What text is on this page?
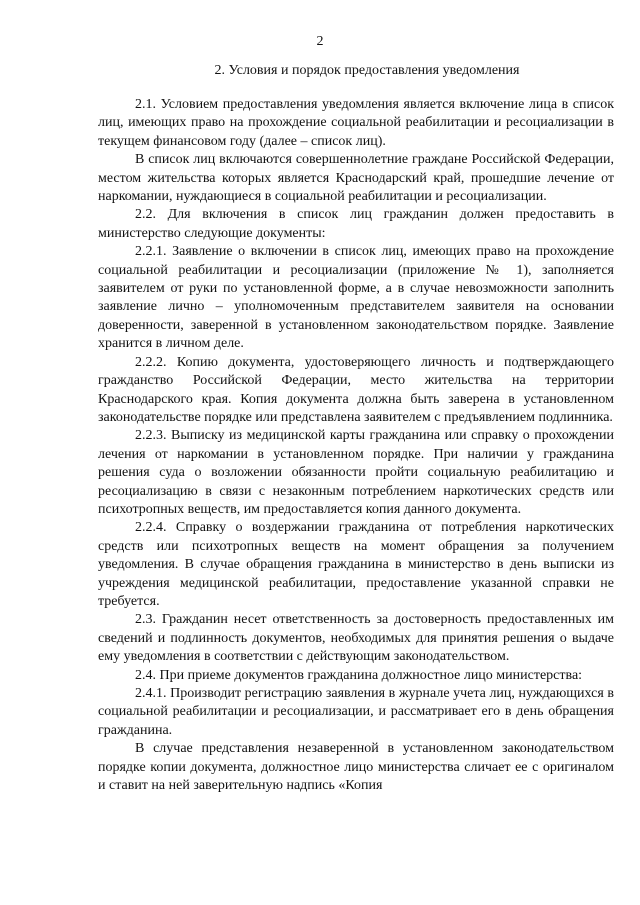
2
2. Условия и порядок предоставления уведомления

2.1. Условием предоставления уведомления является включение лица в список лиц, имеющих право на прохождение социальной реабилитации и ресоциализации в текущем финансовом году (далее – список лиц).

В список лиц включаются совершеннолетние граждане Российской Федерации, местом жительства которых является Краснодарский край, прошедшие лечение от наркомании, нуждающиеся в социальной реабилитации и ресоциализации.

2.2. Для включения в список лиц гражданин должен предоставить в министерство следующие документы:

2.2.1. Заявление о включении в список лиц, имеющих право на прохождение социальной реабилитации и ресоциализации (приложение № 1), заполняется заявителем от руки по установленной форме, а в случае невозможности заполнить заявление лично – уполномоченным представителем заявителя на основании доверенности, заверенной в установленном законодательством порядке. Заявление хранится в личном деле.

2.2.2. Копию документа, удостоверяющего личность и подтверждающего гражданство Российской Федерации, место жительства на территории Краснодарского края. Копия документа должна быть заверена в установленном законодательстве порядке или представлена заявителем с предъявлением подлинника.

2.2.3. Выписку из медицинской карты гражданина или справку о прохождении лечения от наркомании в установленном порядке. При наличии у гражданина решения суда о возложении обязанности пройти социальную реабилитацию и ресоциализацию в связи с незаконным потреблением наркотических средств или психотропных веществ, им предоставляется копия данного документа.

2.2.4. Справку о воздержании гражданина от потребления наркотических средств или психотропных веществ на момент обращения за получением уведомления. В случае обращения гражданина в министерство в день выписки из учреждения медицинской реабилитации, предоставление указанной справки не требуется.

2.3. Гражданин несет ответственность за достоверность предоставленных им сведений и подлинность документов, необходимых для принятия решения о выдаче ему уведомления в соответствии с действующим законодательством.

2.4. При приеме документов гражданина должностное лицо министерства:

2.4.1. Производит регистрацию заявления в журнале учета лиц, нуждающихся в социальной реабилитации и ресоциализации, и рассматривает его в день обращения гражданина.

В случае представления незаверенной в установленном законодательством порядке копии документа, должностное лицо министерства сличает ее с оригиналом и ставит на ней заверительную надпись «Копия
